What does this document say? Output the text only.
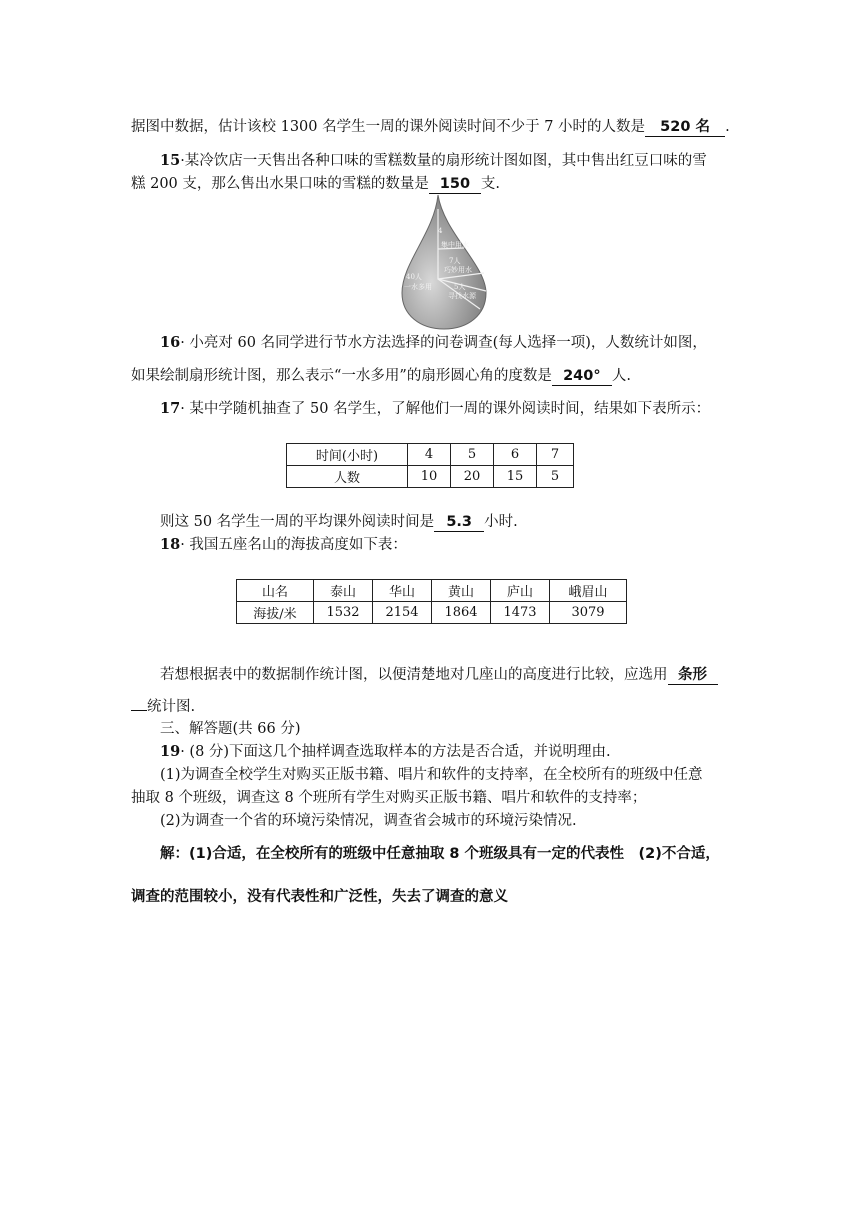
据图中数据，估计该校 1300 名学生一周的课外阅读时间不少于 7 小时的人数是 520 名 .
15·某冷饮店一天售出各种口味的雪糕数量的扇形统计图如图，其中售出红豆口味的雪
糕 200 支，那么售出水果口味的雪糕的数量是 150 支.
4
集中用水
7人
巧妙用水
40人
一水多用	5人
寻找水源
16· 小亮对 60 名同学进行节水方法选择的问卷调查(每人选择一项)，人数统计如图，
如果绘制扇形统计图，那么表示“一水多用”的扇形圆心角的度数是 240° 人.
17· 某中学随机抽查了 50 名学生，了解他们一周的课外阅读时间，结果如下表所示：
时间(小时)	4	5	6	7
人数	10	20	15	5
则这 50 名学生一周的平均课外阅读时间是 5.3 小时.
18· 我国五座名山的海拔高度如下表：
山名	泰山	华山	黄山	庐山	峨眉山
海拔/米	1532	2154	1864	1473	3079
若想根据表中的数据制作统计图，以便清楚地对几座山的高度进行比较，应选用 条形
统计图.
三、解答题(共 66 分)
19· (8 分)下面这几个抽样调查选取样本的方法是否合适，并说明理由.
(1)为调查全校学生对购买正版书籍、唱片和软件的支持率，在全校所有的班级中任意
抽取 8 个班级，调查这 8 个班所有学生对购买正版书籍、唱片和软件的支持率；
(2)为调查一个省的环境污染情况，调查省会城市的环境污染情况.
解：(1)合适，在全校所有的班级中任意抽取 8 个班级具有一定的代表性　(2)不合适，
调查的范围较小，没有代表性和广泛性，失去了调查的意义
